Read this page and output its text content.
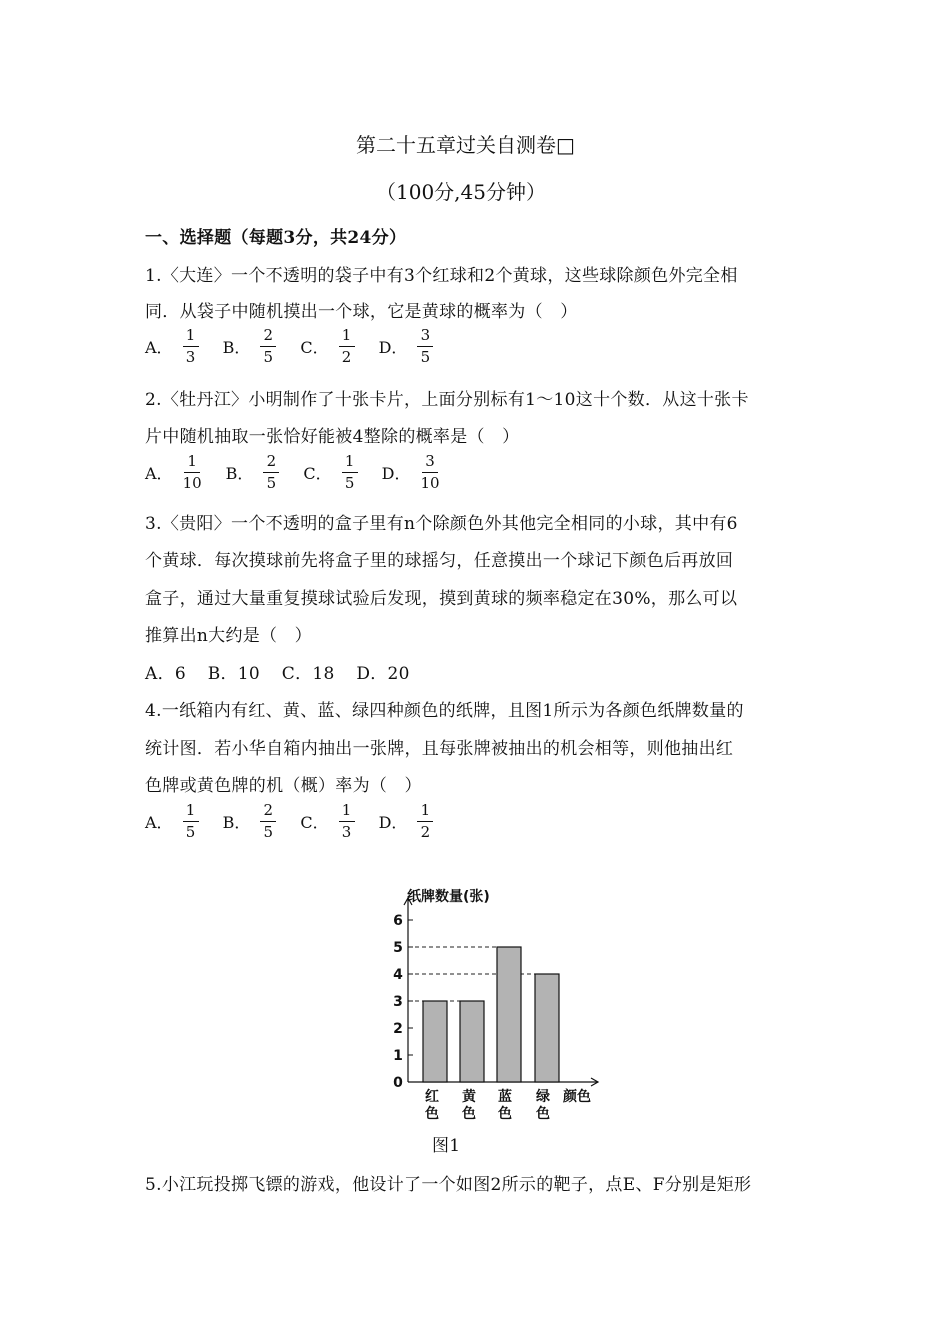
第二十五章过关自测卷□
（100分,45分钟）
一、选择题（每题3分，共24分）
1.〈大连〉一个不透明的袋子中有3个红球和2个黄球，这些球除颜色外完全相
同．从袋子中随机摸出一个球，它是黄球的概率为（　）
A． $\frac{1}{3}$ B． $\frac{2}{5}$ C． $\frac{1}{2}$ D． $\frac{3}{5}$
2.〈牡丹江〉小明制作了十张卡片，上面分别标有1～10这十个数．从这十张卡
片中随机抽取一张恰好能被4整除的概率是（　）
A． $\frac{1}{10}$ B． $\frac{2}{5}$ C． $\frac{1}{5}$ D． $\frac{3}{10}$
3.〈贵阳〉一个不透明的盒子里有n个除颜色外其他完全相同的小球，其中有6
个黄球．每次摸球前先将盒子里的球摇匀，任意摸出一个球记下颜色后再放回
盒子，通过大量重复摸球试验后发现，摸到黄球的频率稳定在30%，那么可以
推算出n大约是（　）
A．6 B．10 C．18 D．20
4.一纸箱内有红、黄、蓝、绿四种颜色的纸牌，且图1所示为各颜色纸牌数量的
统计图．若小华自箱内抽出一张牌，且每张牌被抽出的机会相等，则他抽出红
色牌或黄色牌的机（概）率为（　）
A． $\frac{1}{5}$ B． $\frac{2}{5}$ C． $\frac{1}{3}$ D． $\frac{1}{2}$
0
1
2
3
4
5
6
红
色
黄
色
蓝
色
绿
色
纸牌数量(张)
颜色
图1
5.小江玩投掷飞镖的游戏，他设计了一个如图2所示的靶子，点E、F分别是矩形
